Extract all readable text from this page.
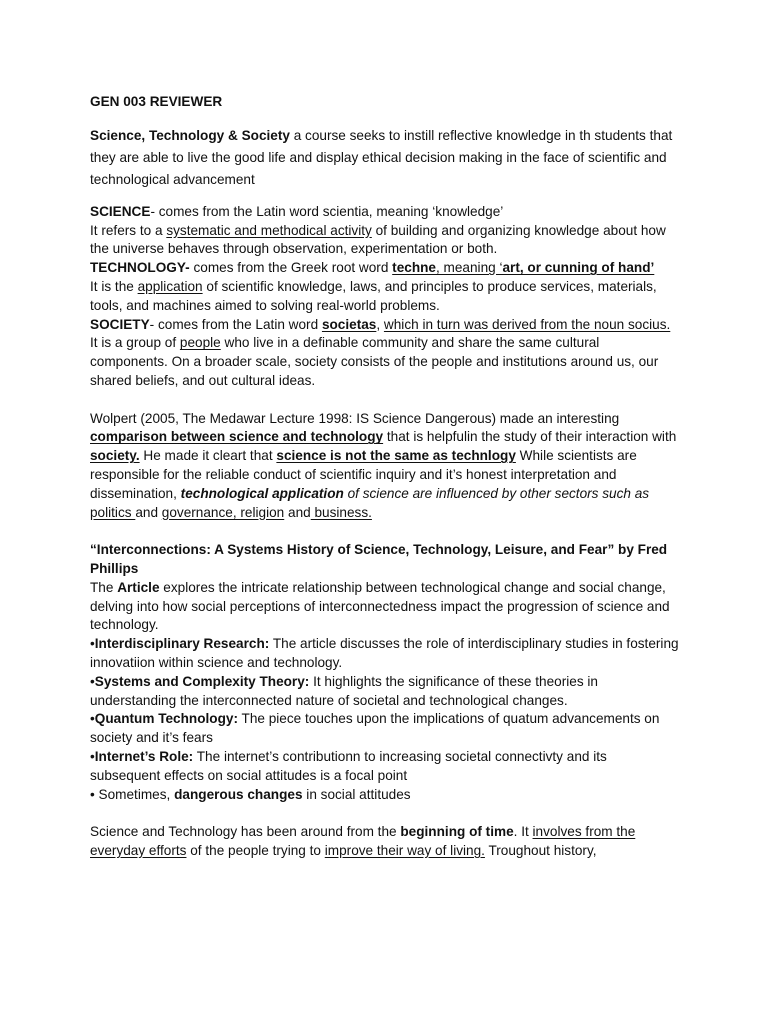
GEN 003 REVIEWER

Science, Technology & Society a course seeks to instill reflective knowledge in th students that they are able to live the good life and display ethical decision making in the face of scientific and technological advancement

SCIENCE- comes from the Latin word scientia, meaning ‘knowledge’

It refers to a systematic and methodical activity of building and organizing knowledge about how the universe behaves through observation, experimentation or both.

TECHNOLOGY- comes from the Greek root word techne, meaning ‘art, or cunning of hand’

It is the application of scientific knowledge, laws, and principles to produce services, materials, tools, and machines aimed to solving real-world problems.

SOCIETY- comes from the Latin word societas, which in turn was derived from the noun socius.

It is a group of people who live in a definable community and share the same cultural components. On a broader scale, society consists of the people and institutions around us, our shared beliefs, and out cultural ideas.

Wolpert (2005, The Medawar Lecture 1998: IS Science Dangerous) made an interesting comparison between science and technology that is helpfulin the study of their interaction with society. He made it cleart that science is not the same as technlogy While scientists are responsible for the reliable conduct of scientific inquiry and it’s honest interpretation and dissemination, technological application of science are influenced by other sectors such as politics and governance, religion and business.

“Interconnections: A Systems History of Science, Technology, Leisure, and Fear” by Fred Phillips

The Article explores the intricate relationship between technological change and social change, delving into how social perceptions of interconnectedness impact the progression of science and technology.

•Interdisciplinary Research: The article discusses the role of interdisciplinary studies in fostering innovatiion within science and technology.

•Systems and Complexity Theory: It highlights the significance of these theories in understanding the interconnected nature of societal and technological changes.

•Quantum Technology: The piece touches upon the implications of quatum advancements on society and it’s fears

•Internet’s Role: The internet’s contributionn to increasing societal connectivty and its subsequent effects on social attitudes is a focal point

• Sometimes, dangerous changes in social attitudes

Science and Technology has been around from the beginning of time. It involves from the everyday efforts of the people trying to improve their way of living. Troughout history,
